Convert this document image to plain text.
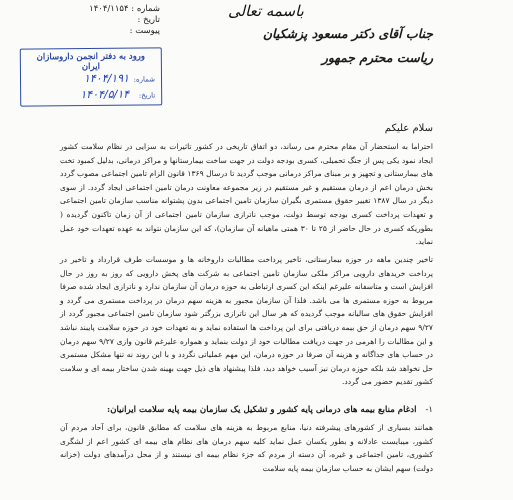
شماره : ۱۴۰۴/۱۱۵۴
تاریخ :
پیوست :
باسمه تعالی
ورود به دفتر انجمن داروسازان ایران
شماره:
۱۴۰۴/۱۹۱
تاریخ:
۱۴۰۴/۵/۱۴
جناب آقای دکتر مسعود پزشکیان
ریاست محترم جمهور
سلام علیکم
احتراما به استحضار آن مقام محترم می رساند، دو اتفاق تاریخی در کشور تاثیرات به سزایی در نظام سلامت کشور ایجاد نمود یکی پس از جنگ تحمیلی، کسری بودجه دولت در جهت ساخت بیمارستانها و مراکز درمانی، بدلیل کمبود تخت های بیمارستانی و تجهیز و بر مبنای مراکز درمانی موجب گردید تا درسال ۱۳۶۹ قانون الزام تامین اجتماعی مصوب گردد بخش درمان اعم از درمان مستقیم و غیر مستقیم در زیر مجموعه معاونت درمان تامین اجتماعی ایجاد گردد. از سوی دیگر در سال ۱۳۸۷ تغییر حقوق مستمری بگیران سازمان تامین اجتماعی بدون پشتوانه مناسب سازمان تامین اجتماعی و تعهدات پرداخت کسری بودجه توسط دولت، موجب ناترازی سازمان تامین اجتماعی از آن زمان تاکنون گردیده ( بطوریکه کسری در حال حاضر از ۲۵ تا ۳۰ همتی ماهیانه آن سازمان)، که این سازمان نتواند به عهده تعهدات خود عمل نماید.
تاخیر چندین ماهه در حوزه بیمارستانی، تاخیر پرداخت مطالبات داروخانه ها و موسسات طرف قرارداد و تاخیر در پرداخت خریدهای دارویی مراکز ملکی سازمان تامین اجتماعی به شرکت های پخش دارویی که روز به روز در حال افزایش است و متاسفانه علیرغم اینکه این کسری ارتباطی به حوزه درمان آن سازمان ندارد و ناترازی ایجاد شده صرفا مربوط به حوزه مستمری ها می باشد. فلذا آن سازمان مجبور به هزینه سهم درمان در پرداخت مستمری می گردد و افزایش حقوق های سالیانه موجب گردیده که هر سال این ناترازی بزرگتر شود سازمان تامین اجتماعی مجبور گردد از ۹/۲۷ سهم درمان از حق بیمه دریافتی برای این پرداخت ها استفاده نماید و به تعهدات خود در حوزه سلامت پایبند نباشد و این مطالبات را اهرمی در جهت دریافت مطالبات خود از دولت بنماید و همواره علیرغم قانون وازی ۹/۲۷ سهم درمان در حساب های جداگانه و هزینه آن صرفا در حوزه درمان، این مهم عملیاتی نگردد و با این روند نه تنها مشکل مستمری حل نخواهد شد بلکه حوزه درمان نیز آسیب خواهد دید، فلذا پیشنهاد های ذیل جهت بهینه شدن ساختار بیمه ای و سلامت کشور تقدیم حضور می گردد.
۱- ادغام منابع بیمه های درمانی پایه کشور و تشکیل یک سازمان بیمه پایه سلامت ایرانیان:
همانند بسیاری از کشورهای پیشرفته دنیا، منابع مربوط به هزینه های سلامت که مطابق قانون، برای آحاد مردم آن کشور، میبایست عادلانه و بطور یکسان عمل نماید کلیه سهم درمان های نظام های بیمه ای کشور اعم از لشگری کشوری، تامین اجتماعی و غیره، آن دسته از مردم که جزء نظام بیمه ای نیستند و از محل درآمدهای دولت (خزانه دولت) سهم ایشان به حساب سازمان بیمه پایه سلامت
